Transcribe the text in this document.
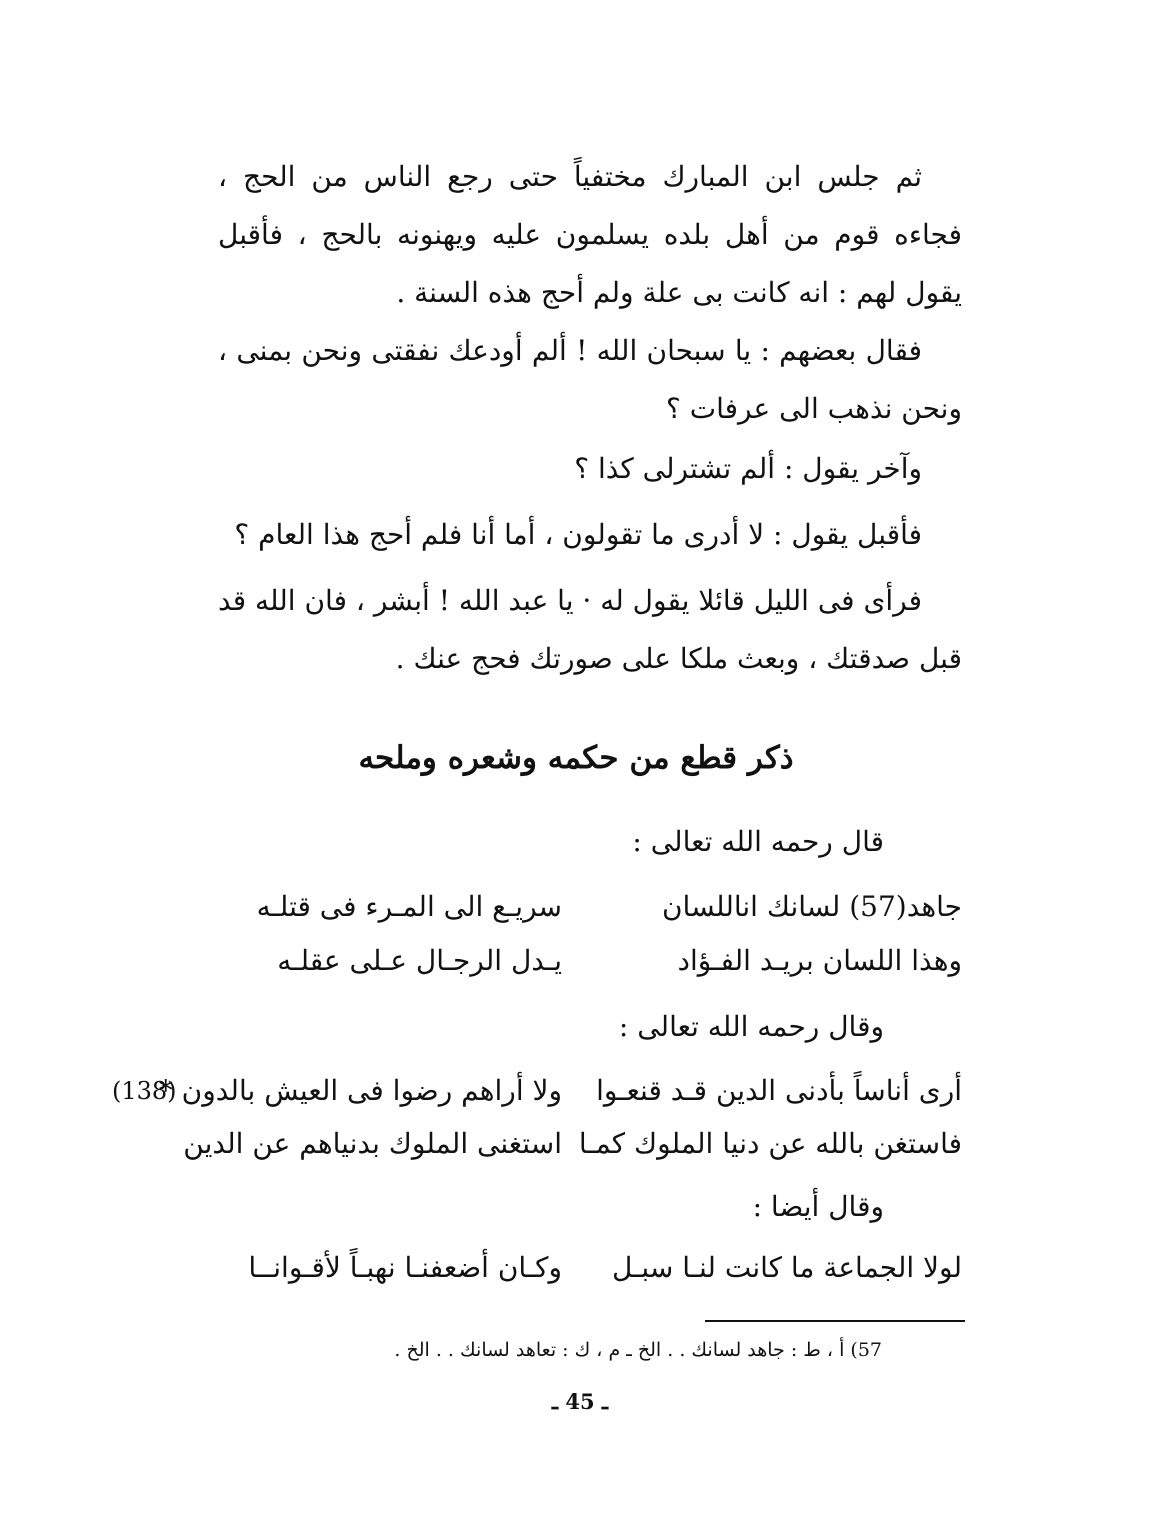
ثم جلس ابن المبارك مختفياً حتى رجع الناس من الحج ، فجاءه قوم من أهل بلده يسلمون عليه ويهنونه بالحج ، فأقبل يقول لهم : انه كانت بى علة ولم أحج هذه السنة .
فقال بعضهم : يا سبحان الله ! ألم أودعك نفقتى ونحن بمنى ، ونحن نذهب الى عرفات ؟
وآخر يقول : ألم تشترلى كذا ؟
فأقبل يقول : لا أدرى ما تقولون ، أما أنا فلم أحج هذا العام ؟
فرأى فى الليل قائلا يقول له · يا عبد الله ! أبشر ، فان الله قد قبل صدقتك ، وبعث ملكا على صورتك فحج عنك .
ذكر قطع من حكمه وشعره وملحه
قال رحمه الله تعالى :
جاهد(57) لسانك اناللسان
سريـع الى المـرء فى قتلـه
وهذا اللسان بريـد الفـؤاد
يـدل الرجـال عـلى عقلـه
وقال رحمه الله تعالى :
أرى أناساً بأدنى الدين قـد قنعـوا
ولا أراهم رضوا فى العيش بالدون *
فاستغن بالله عن دنيا الملوك كمـا
استغنى الملوك بدنياهم عن الدين
(138)
وقال أيضا :
لولا الجماعة ما كانت لنـا سبـل
وكـان أضعفنـا نهبـاً لأقـوانــا
57) أ ، ط : جاهد لسانك . . الخ ـ م ، ك : تعاهد لسانك . . الخ .
ـ 45 ـ
